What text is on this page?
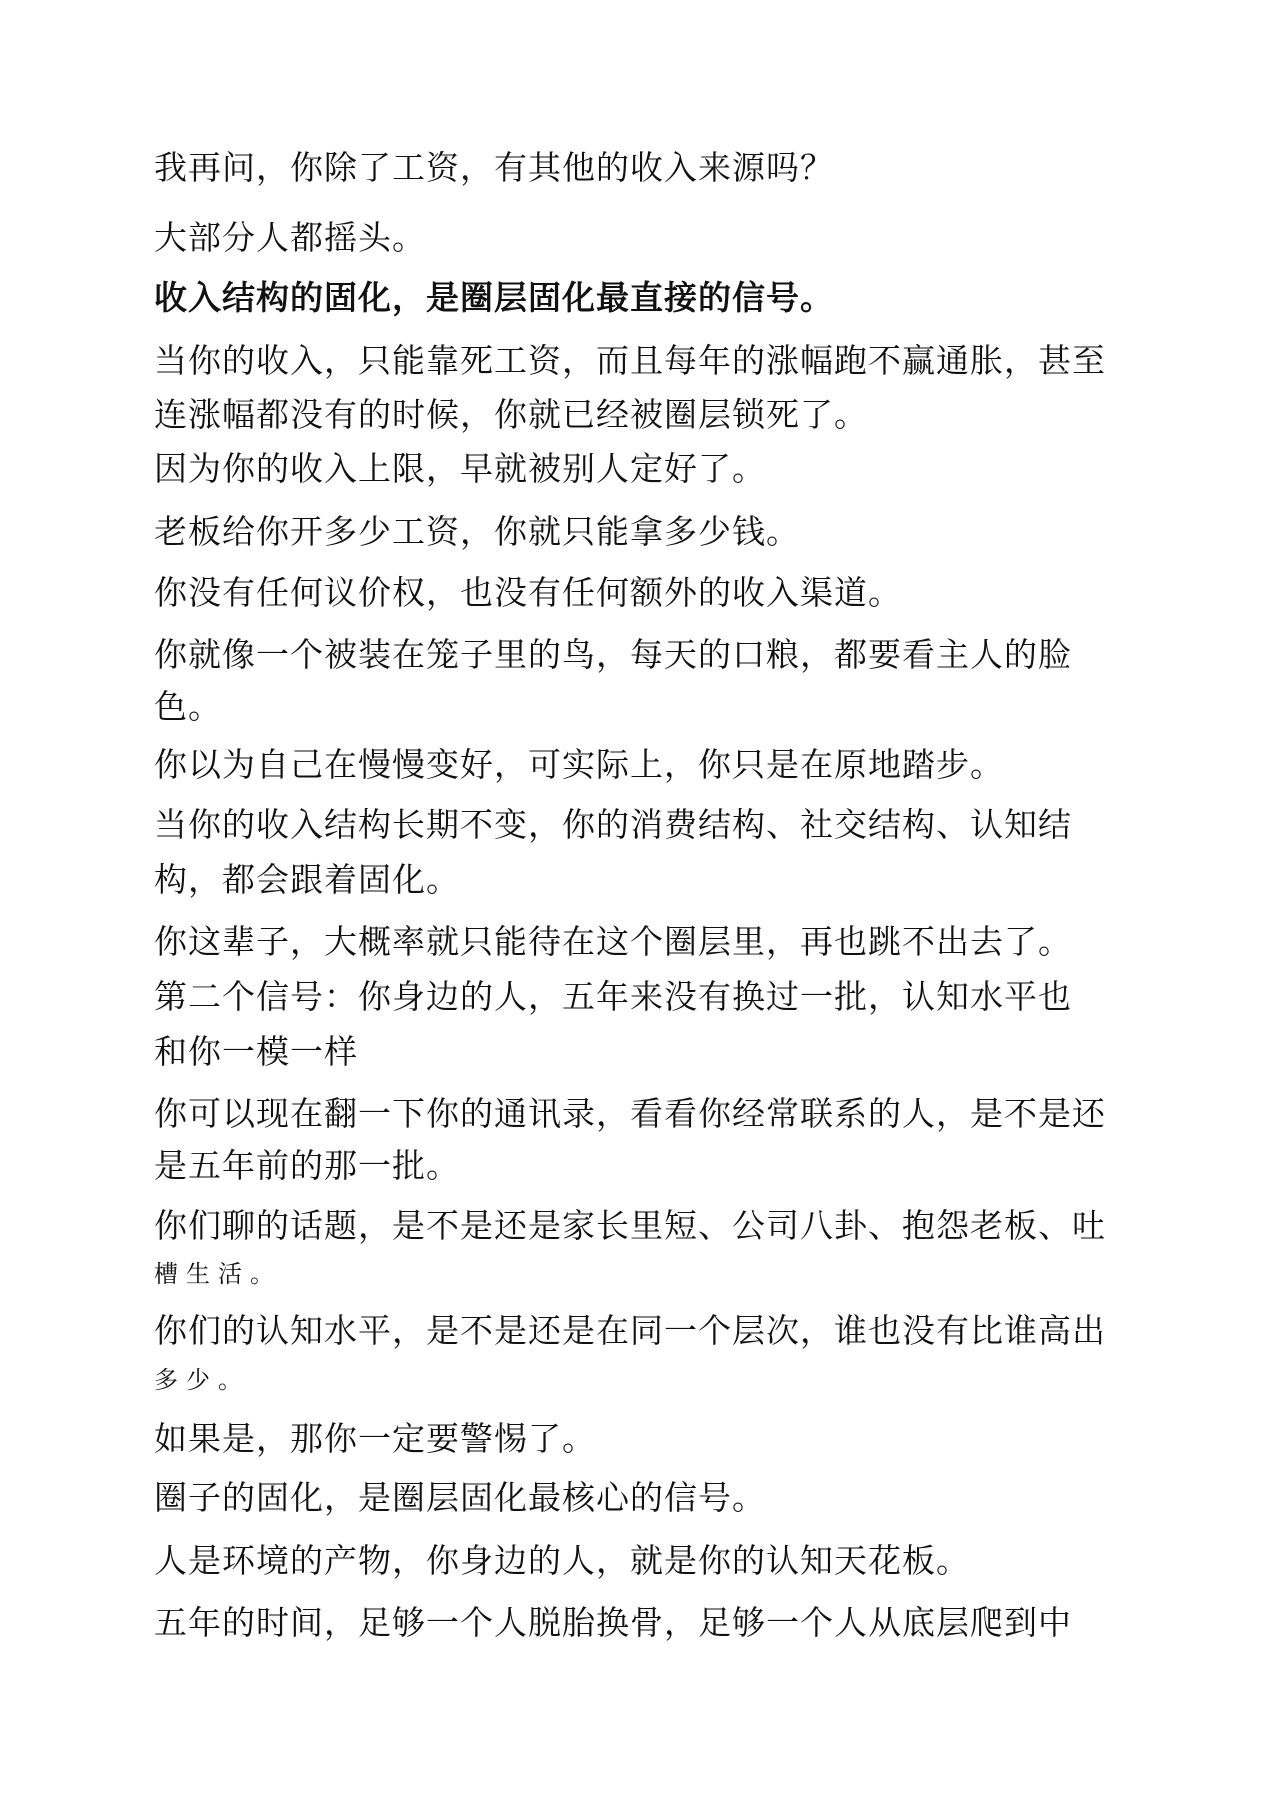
我再问，你除了工资，有其他的收入来源吗？

大部分人都摇头。

收入结构的固化，是圈层固化最直接的信号。

当你的收入，只能靠死工资，而且每年的涨幅跑不赢通胀，甚至

连涨幅都没有的时候，你就已经被圈层锁死了。

因为你的收入上限，早就被别人定好了。

老板给你开多少工资，你就只能拿多少钱。

你没有任何议价权，也没有任何额外的收入渠道。

你就像一个被装在笼子里的鸟，每天的口粮，都要看主人的脸

色。

你以为自己在慢慢变好，可实际上，你只是在原地踏步。

当你的收入结构长期不变，你的消费结构、社交结构、认知结

构，都会跟着固化。

你这辈子，大概率就只能待在这个圈层里，再也跳不出去了。

第二个信号：你身边的人，五年来没有换过一批，认知水平也

和你一模一样

你可以现在翻一下你的通讯录，看看你经常联系的人，是不是还

是五年前的那一批。

你们聊的话题，是不是还是家长里短、公司八卦、抱怨老板、吐

槽生活。

你们的认知水平，是不是还是在同一个层次，谁也没有比谁高出

多少。

如果是，那你一定要警惕了。

圈子的固化，是圈层固化最核心的信号。

人是环境的产物，你身边的人，就是你的认知天花板。

五年的时间，足够一个人脱胎换骨，足够一个人从底层爬到中
